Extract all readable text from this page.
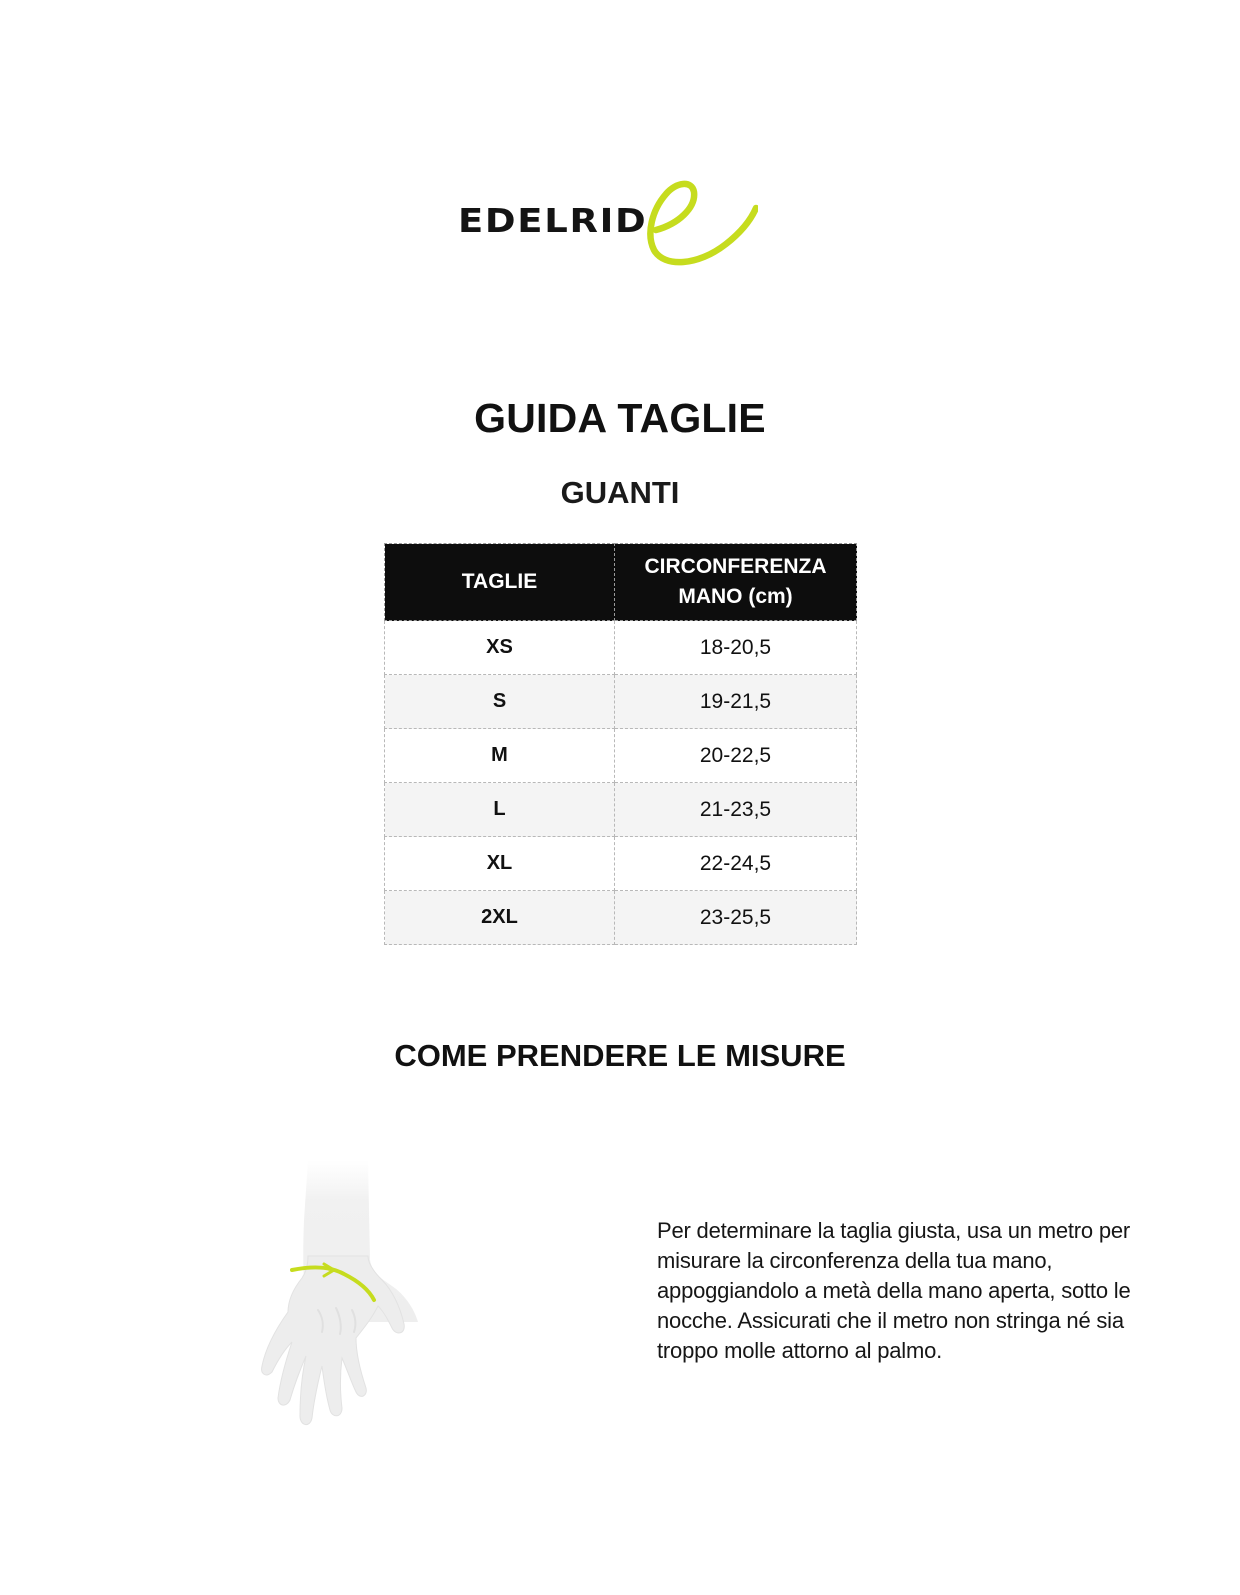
EDELRID
GUIDA TAGLIE
GUANTI
TAGLIE	CIRCONFERENZA MANO (cm)
XS	18-20,5
S	19-21,5
M	20-22,5
L	21-23,5
XL	22-24,5
2XL	23-25,5
COME PRENDERE LE MISURE
Per determinare la taglia giusta, usa un metro per misurare la circonferenza della tua mano, appoggiandolo a metà della mano aperta, sotto le nocche. Assicurati che il metro non stringa né sia troppo molle attorno al palmo.
